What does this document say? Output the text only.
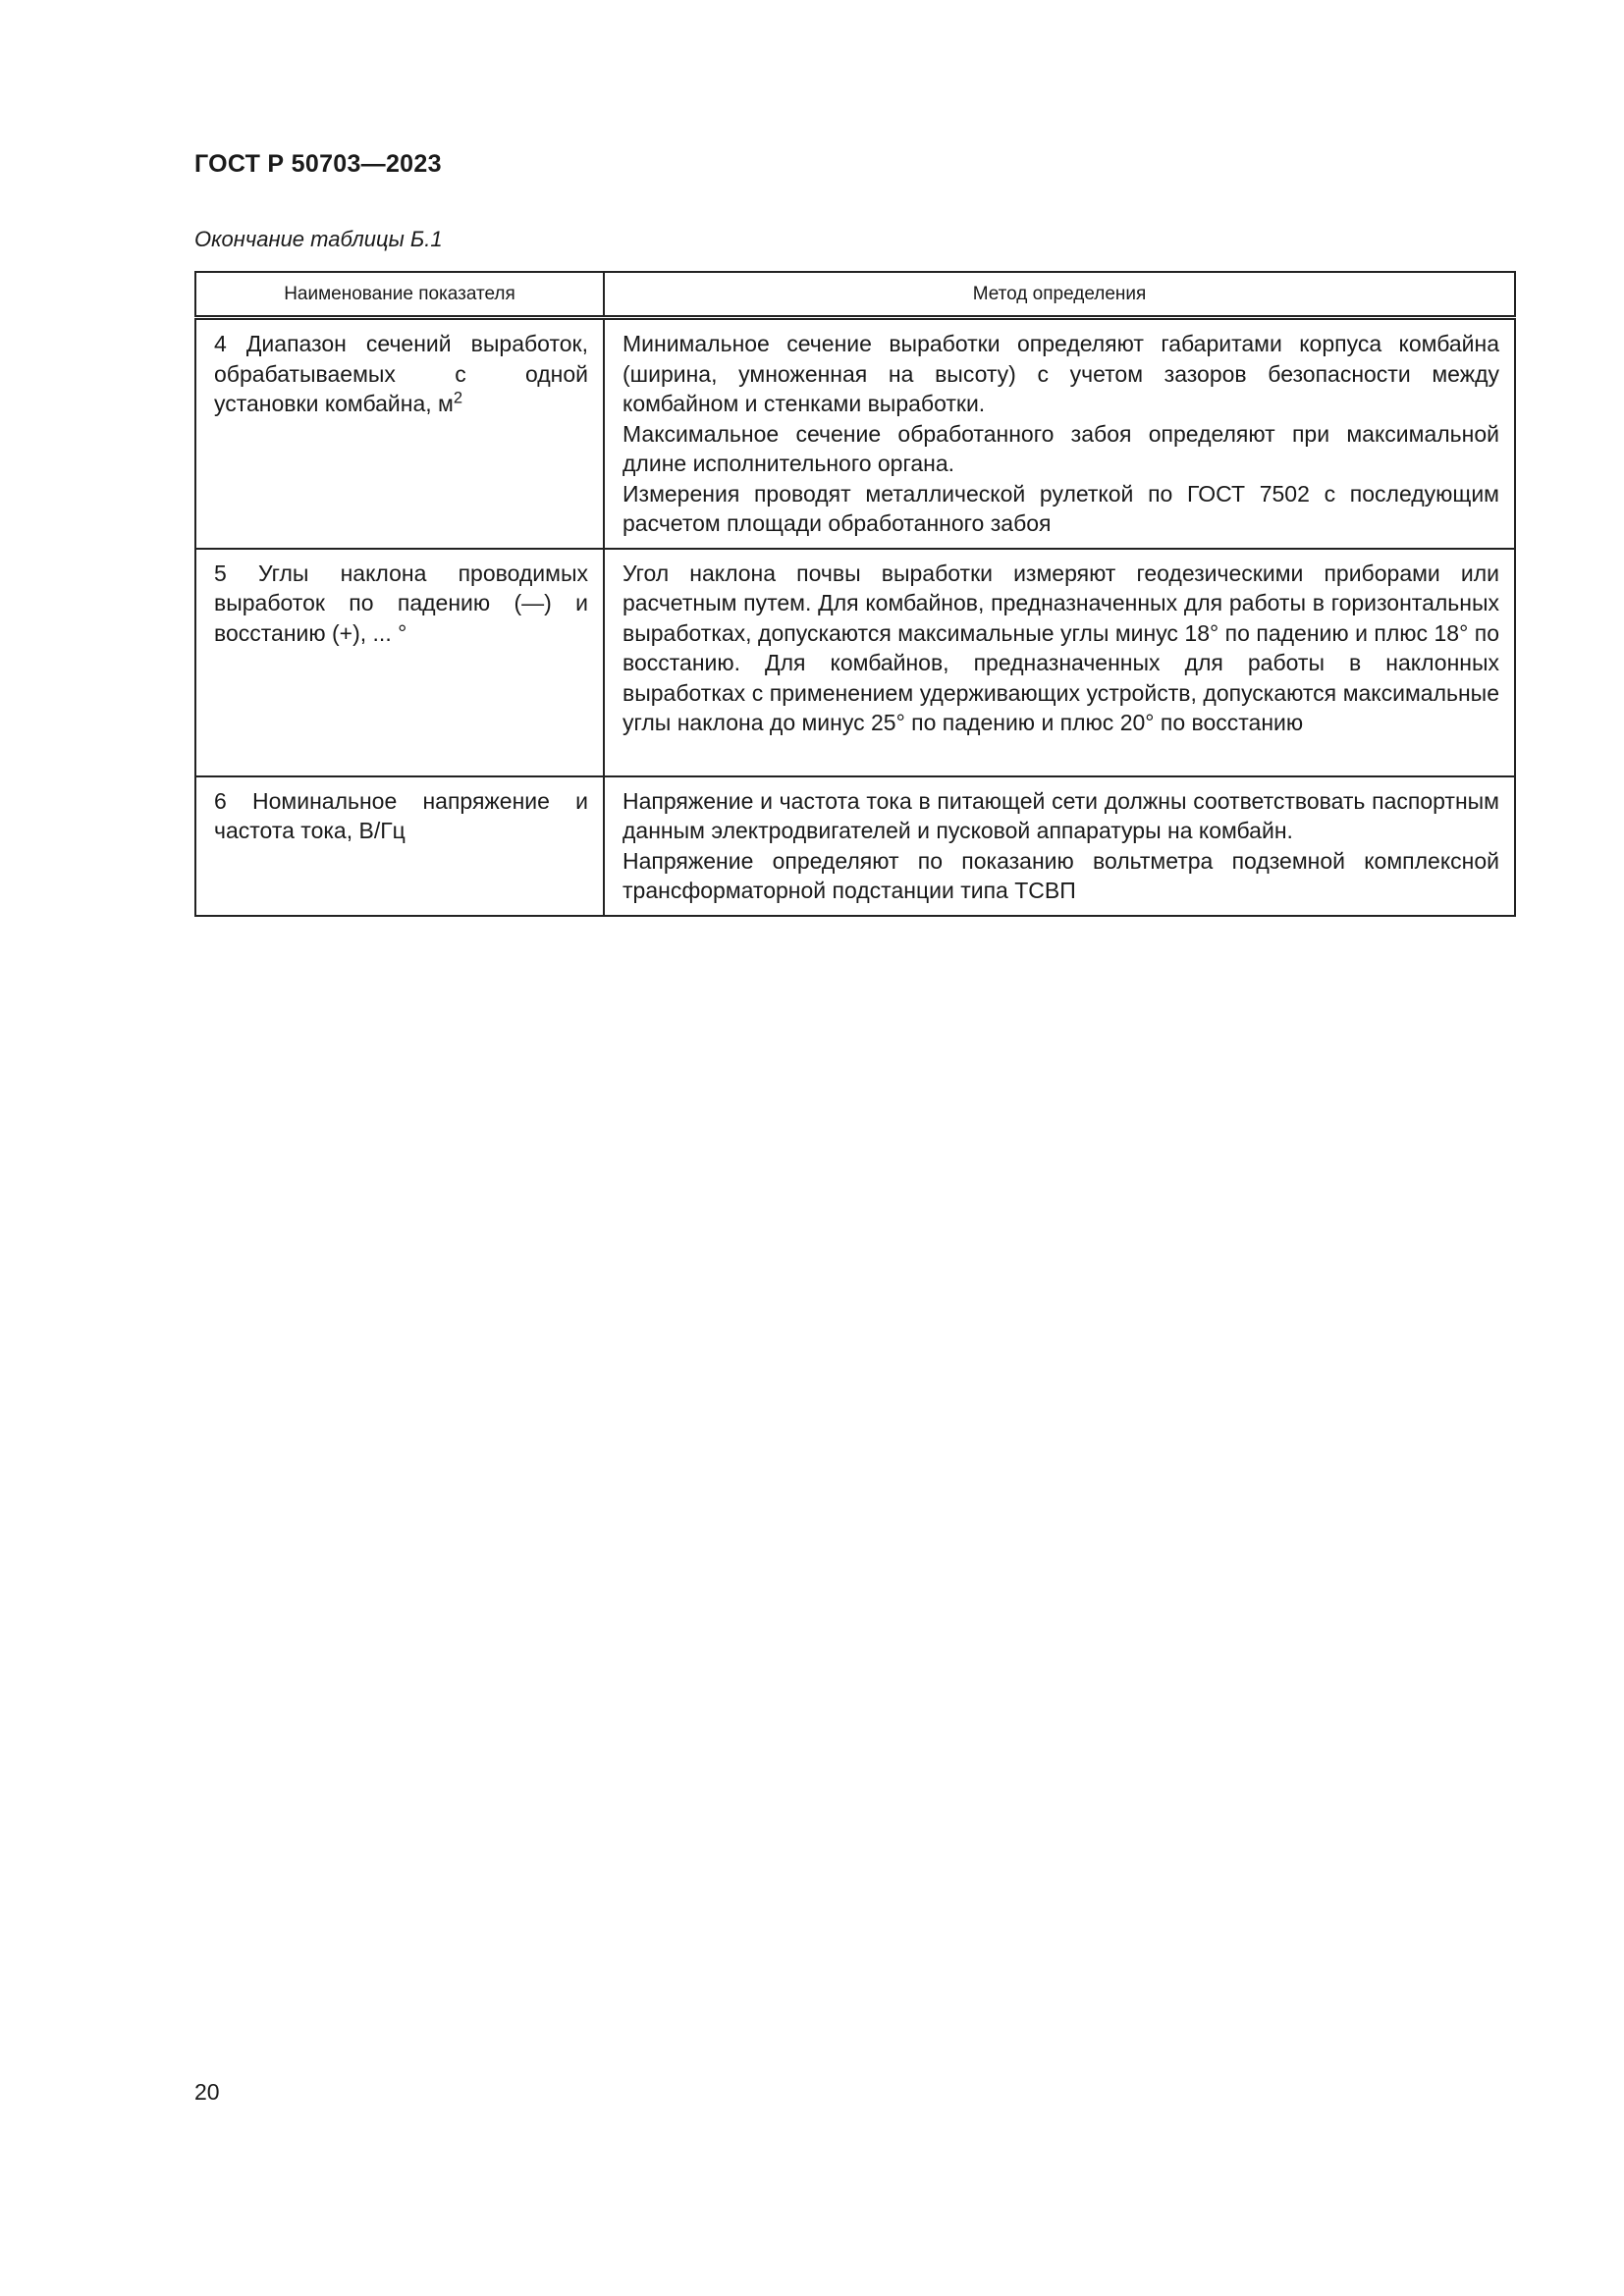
ГОСТ Р 50703—2023
Окончание таблицы Б.1
Наименование показателя	Метод определения
4 Диапазон сечений выработок, обрабатываемых с одной установки комбайна, $м^2$	Минимальное сечение выработки определяют габаритами корпуса комбайна (ширина, умноженная на высоту) с учетом зазоров безопасности между комбайном и стенками выработки.

Максимальное сечение обработанного забоя определяют при максимальной длине исполнительного органа.

Измерения проводят металлической рулеткой по ГОСТ 7502 с последующим расчетом площади обработанного забоя

5 Углы наклона проводимых выработок по падению (—) и восстанию (+), ... °	Угол наклона почвы выработки измеряют геодезическими приборами или расчетным путем. Для комбайнов, предназначенных для работы в горизонтальных выработках, допускаются максимальные углы минус 18° по падению и плюс 18° по восстанию. Для комбайнов, предназначенных для работы в наклонных выработках с применением удерживающих устройств, допускаются максимальные углы наклона до минус 25° по падению и плюс 20° по восстанию

6 Номинальное напряжение и частота тока, В/Гц	Напряжение и частота тока в питающей сети должны соответствовать паспортным данным электродвигателей и пусковой аппаратуры на комбайн.

Напряжение определяют по показанию вольтметра подземной комплексной трансформаторной подстанции типа ТСВП

20
